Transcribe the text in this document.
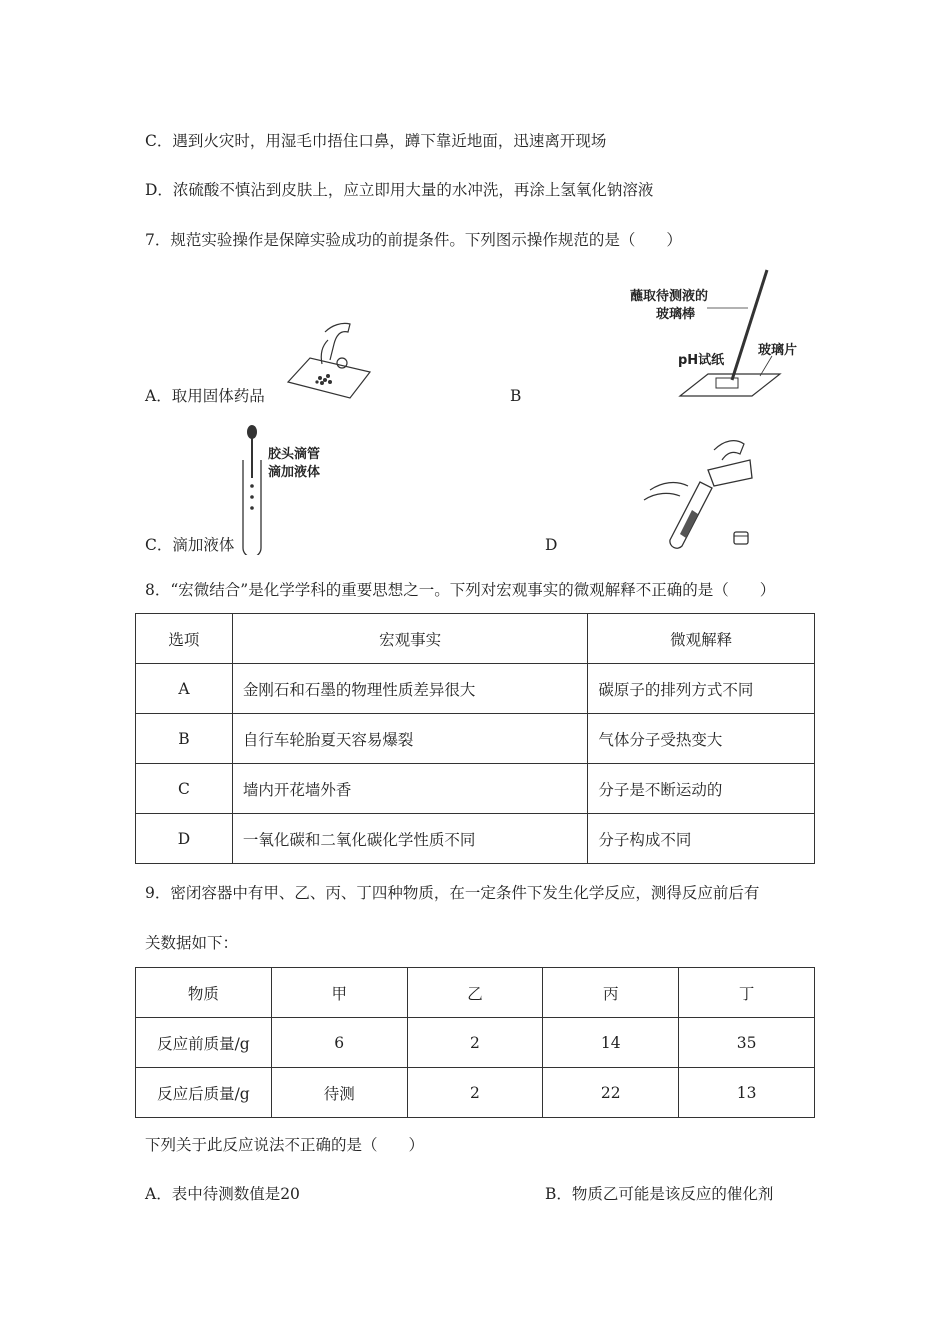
C．遇到火灾时，用湿毛巾捂住口鼻，蹲下靠近地面，迅速离开现场
D．浓硫酸不慎沾到皮肤上，应立即用大量的水冲洗，再涂上氢氧化钠溶液
7．规范实验操作是保障实验成功的前提条件。下列图示操作规范的是（　　）
A．取用固体药品	B
蘸取待测液的
玻璃棒
pH试纸
玻璃片
胶头滴管
滴加液体
C．滴加液体	D
8．“宏微结合”是化学学科的重要思想之一。下列对宏观事实的微观解释不正确的是（　　）
选项	宏观事实	微观解释
A	金刚石和石墨的物理性质差异很大	碳原子的排列方式不同
B	自行车轮胎夏天容易爆裂	气体分子受热变大
C	墙内开花墙外香	分子是不断运动的
D	一氧化碳和二氧化碳化学性质不同	分子构成不同
9．密闭容器中有甲、乙、丙、丁四种物质，在一定条件下发生化学反应，测得反应前后有
关数据如下：
物质	甲	乙	丙	丁
反应前质量/g	6	2	14	35
反应后质量/g	待测	2	22	13
下列关于此反应说法不正确的是（　　）
A．表中待测数值是20	B．物质乙可能是该反应的催化剂
